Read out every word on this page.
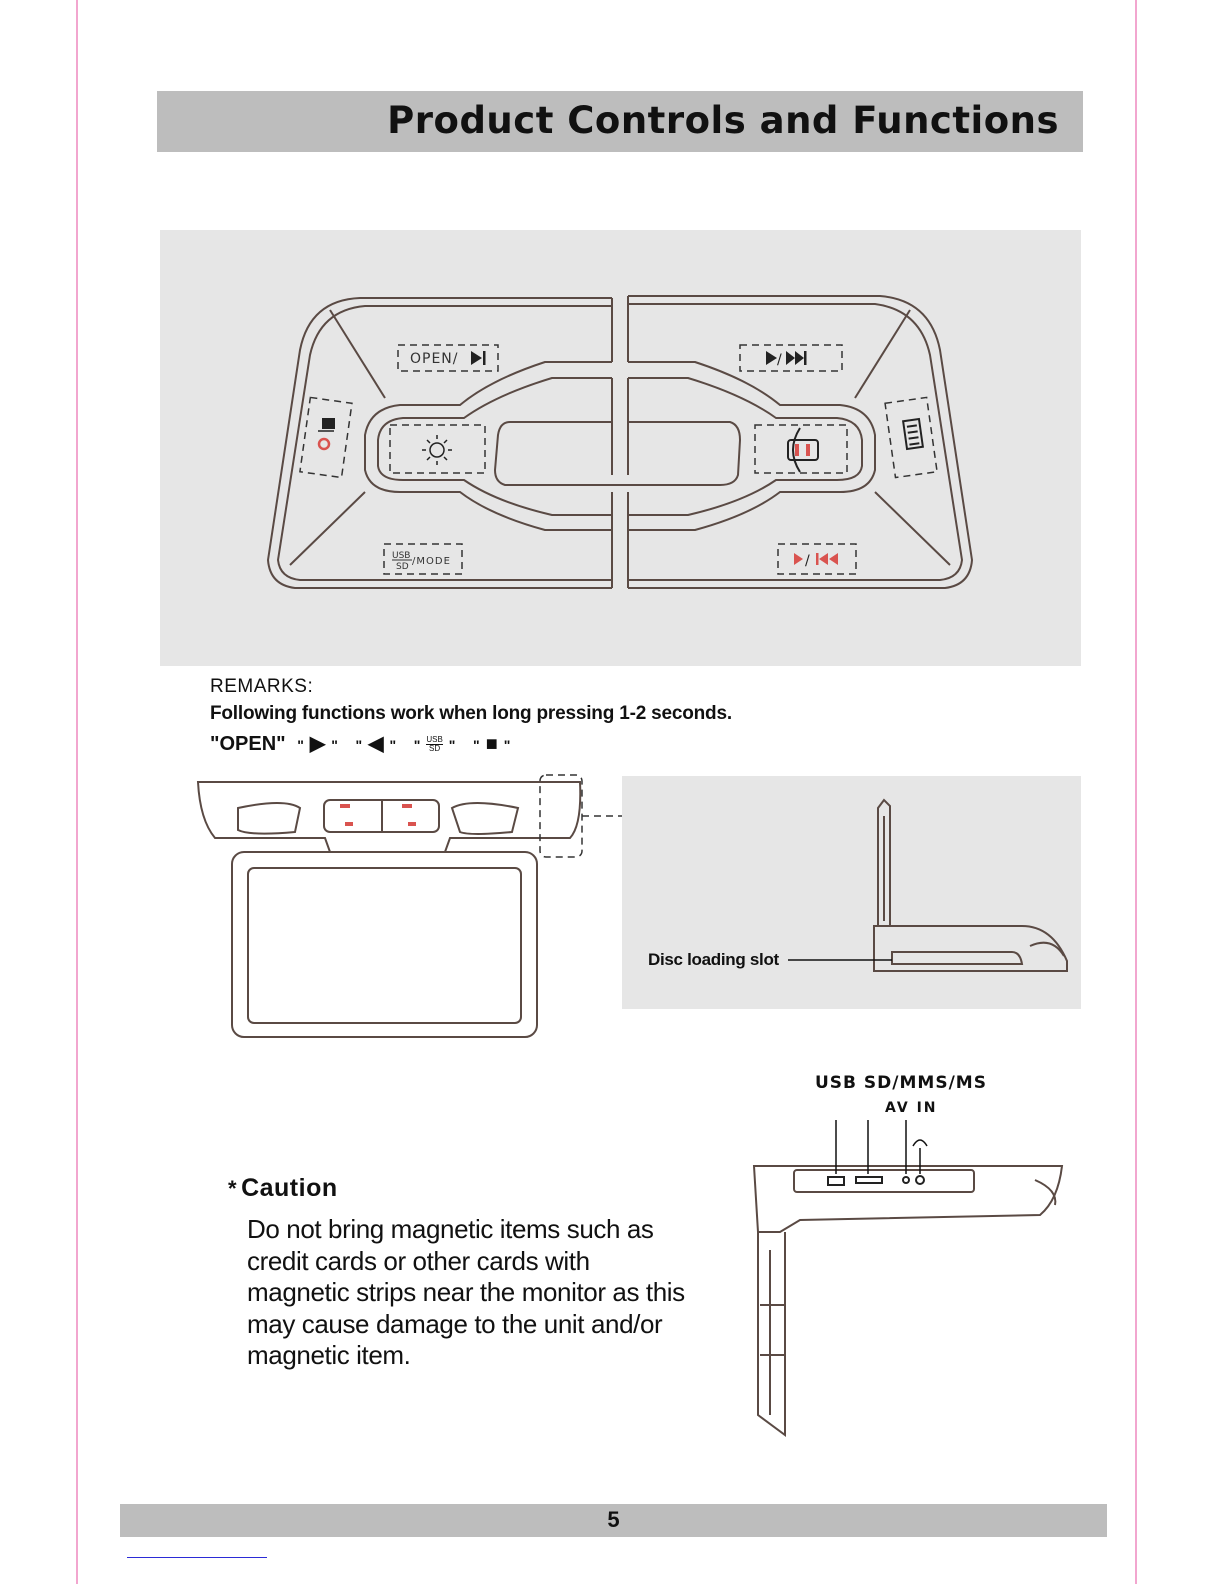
Product Controls and Functions
OPEN/	/
USB
SD /MODE	/
REMARKS:
Following functions work when long pressing 1-2 seconds.
"OPEN" " ▶ " " ◀ " " $\frac{\text{USB}}{SD}$ " " ■ "
Disc loading slot
USB SD/MMS/MS
AV IN
* Caution

Do not bring magnetic items such as credit cards or other cards with magnetic strips near the monitor as this may cause damage to the unit and/or magnetic item.

5
